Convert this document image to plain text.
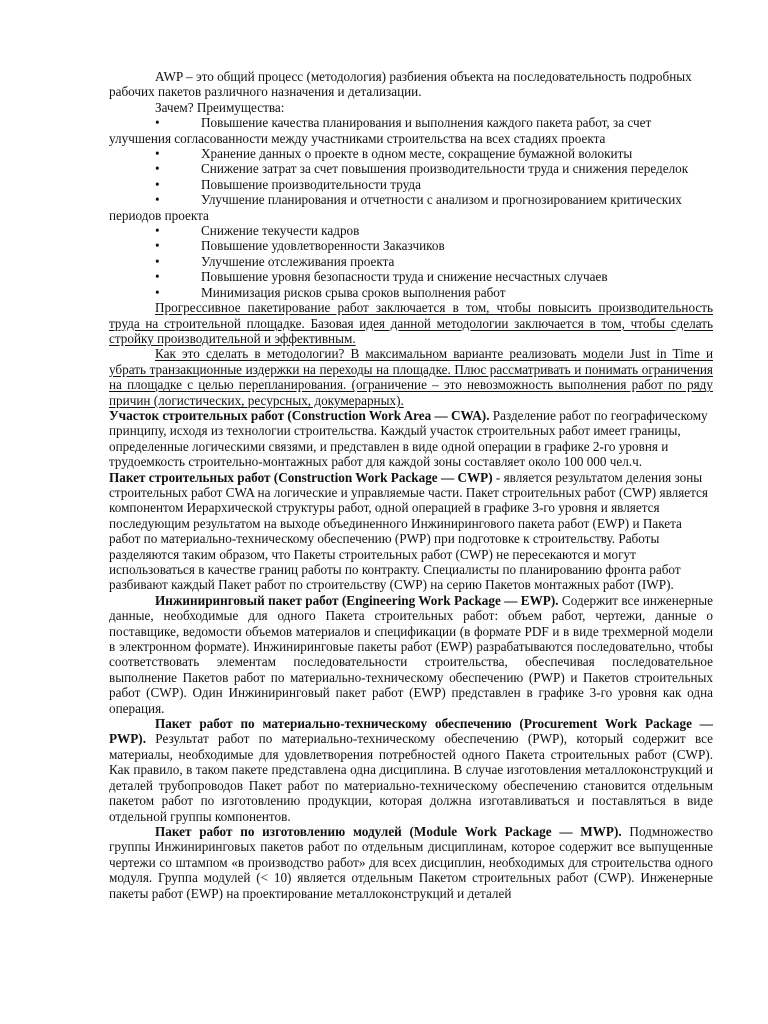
AWP – это общий процесс (методология) разбиения объекта на последовательность подробных рабочих пакетов различного назначения и детализации.

Зачем? Преимущества:

•	Повышение качества планирования и выполнения каждого пакета работ, за счет улучшения согласованности между участниками строительства на всех стадиях проекта

•	Хранение данных о проекте в одном месте, сокращение бумажной волокиты

•	Снижение затрат за счет повышения производительности труда и снижения переделок

•	Повышение производительности труда

•	Улучшение планирования и отчетности с анализом и прогнозированием критических периодов проекта

•	Снижение текучести кадров

•	Повышение удовлетворенности Заказчиков

•	Улучшение отслеживания проекта

•	Повышение уровня безопасности труда и снижение несчастных случаев

•	Минимизация рисков срыва сроков выполнения работ

Прогрессивное пакетирование работ заключается в том, чтобы повысить производительность труда на строительной площадке. Базовая идея данной методологии заключается в том, чтобы сделать стройку производительной и эффективным.

Как это сделать в методологии? В максимальном варианте реализовать модели Just in Time и убрать транзакционные издержки на переходы на площадке. Плюс рассматривать и понимать ограничения на площадке с целью перепланирования. (ограничение – это невозможность выполнения работ по ряду причин (логистических, ресурсных, докумерарных).

Участок строительных работ (Construction Work Area — CWA). Разделение работ по географическому принципу, исходя из технологии строительства. Каждый участок строительных работ имеет границы, определенные логическими связями, и представлен в виде одной операции в графике 2-го уровня и трудоемкость строительно-монтажных работ для каждой зоны составляет около 100 000 чел.ч.

Пакет строительных работ (Construction Work Package — CWP) - является результатом деления зоны строительных работ CWA на логические и управляемые части. Пакет строительных работ (CWP) является компонентом Иерархической структуры работ, одной операцией в графике 3-го уровня и является последующим результатом на выходе объединенного Инжинирингового пакета работ (EWP) и Пакета работ по материально-техническому обеспечению (PWP) при подготовке к строительству. Работы разделяются таким образом, что Пакеты строительных работ (CWP) не пересекаются и могут использоваться в качестве границ работы по контракту. Специалисты по планированию фронта работ разбивают каждый Пакет работ по строительству (CWP) на серию Пакетов монтажных работ (IWP).

Инжиниринговый пакет работ (Engineering Work Package — EWP). Содержит все инженерные данные, необходимые для одного Пакета строительных работ: объем работ, чертежи, данные о поставщике, ведомости объемов материалов и спецификации (в формате PDF и в виде трехмерной модели в электронном формате). Инжиниринговые пакеты работ (EWP) разрабатываются последовательно, чтобы соответствовать элементам последовательности строительства, обеспечивая последовательное выполнение Пакетов работ по материально-техническому обеспечению (PWP) и Пакетов строительных работ (CWP). Один Инжиниринговый пакет работ (EWP) представлен в графике 3-го уровня как одна операция.

Пакет работ по материально-техническому обеспечению (Procurement Work Package — PWP). Результат работ по материально-техническому обеспечению (PWP), который содержит все материалы, необходимые для удовлетворения потребностей одного Пакета строительных работ (CWP). Как правило, в таком пакете представлена одна дисциплина. В случае изготовления металлоконструкций и деталей трубопроводов Пакет работ по материально-техническому обеспечению становится отдельным пакетом работ по изготовлению продукции, которая должна изготавливаться и поставляться в виде отдельной группы компонентов.

Пакет работ по изготовлению модулей (Module Work Package — MWP). Подмножество группы Инжиниринговых пакетов работ по отдельным дисциплинам, которое содержит все выпущенные чертежи со штампом «в производство работ» для всех дисциплин, необходимых для строительства одного модуля. Группа модулей (< 10) является отдельным Пакетом строительных работ (CWP). Инженерные пакеты работ (EWP) на проектирование металлоконструкций и деталей
